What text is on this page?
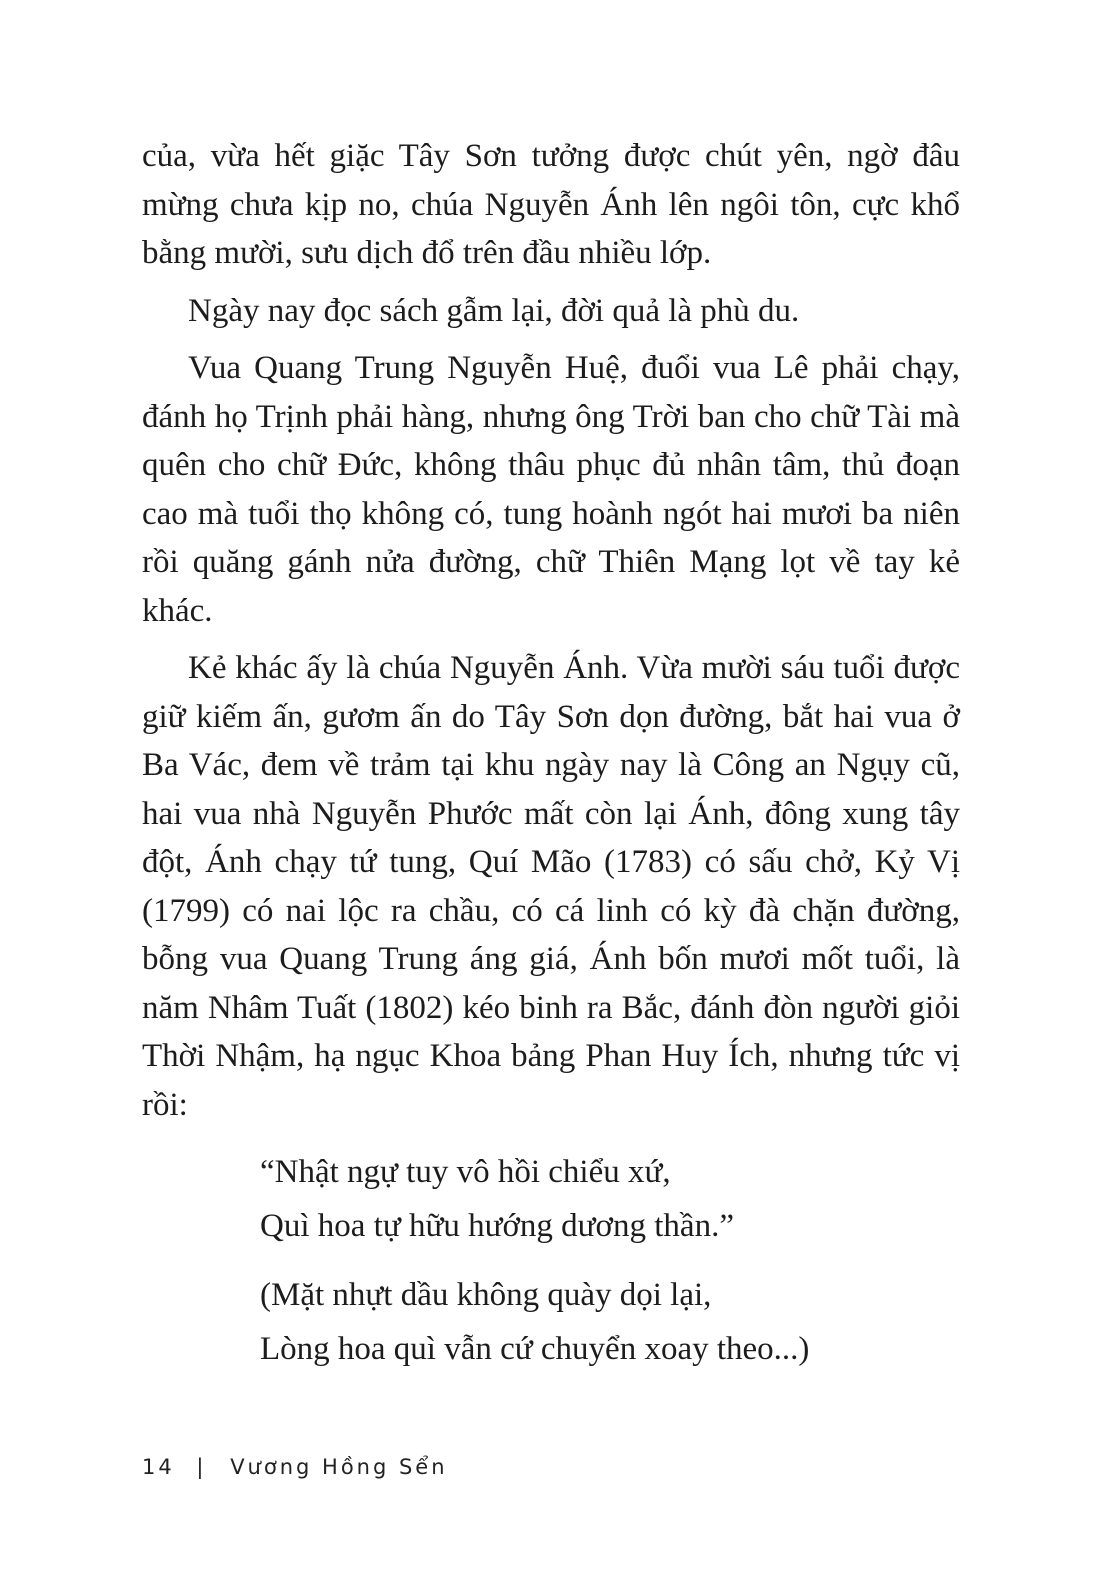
của, vừa hết giặc Tây Sơn tưởng được chút yên, ngờ đâu mừng chưa kịp no, chúa Nguyễn Ánh lên ngôi tôn, cực khổ bằng mười, sưu dịch đổ trên đầu nhiều lớp.

Ngày nay đọc sách gẫm lại, đời quả là phù du.

Vua Quang Trung Nguyễn Huệ, đuổi vua Lê phải chạy, đánh họ Trịnh phải hàng, nhưng ông Trời ban cho chữ Tài mà quên cho chữ Đức, không thâu phục đủ nhân tâm, thủ đoạn cao mà tuổi thọ không có, tung hoành ngót hai mươi ba niên rồi quăng gánh nửa đường, chữ Thiên Mạng lọt về tay kẻ khác.

Kẻ khác ấy là chúa Nguyễn Ánh. Vừa mười sáu tuổi được giữ kiếm ấn, gươm ấn do Tây Sơn dọn đường, bắt hai vua ở Ba Vác, đem về trảm tại khu ngày nay là Công an Ngụy cũ, hai vua nhà Nguyễn Phước mất còn lại Ánh, đông xung tây đột, Ánh chạy tứ tung, Quí Mão (1783) có sấu chở, Kỷ Vị (1799) có nai lộc ra chầu, có cá linh có kỳ đà chặn đường, bỗng vua Quang Trung áng giá, Ánh bốn mươi mốt tuổi, là năm Nhâm Tuất (1802) kéo binh ra Bắc, đánh đòn người giỏi Thời Nhậm, hạ ngục Khoa bảng Phan Huy Ích, nhưng tức vị rồi:

“Nhật ngự tuy vô hồi chiểu xứ,
Quì hoa tự hữu hướng dương thần.”
(Mặt nhựt dầu không quày dọi lại,
Lòng hoa quì vẫn cứ chuyển xoay theo...)
14 | Vương Hồng Sển
